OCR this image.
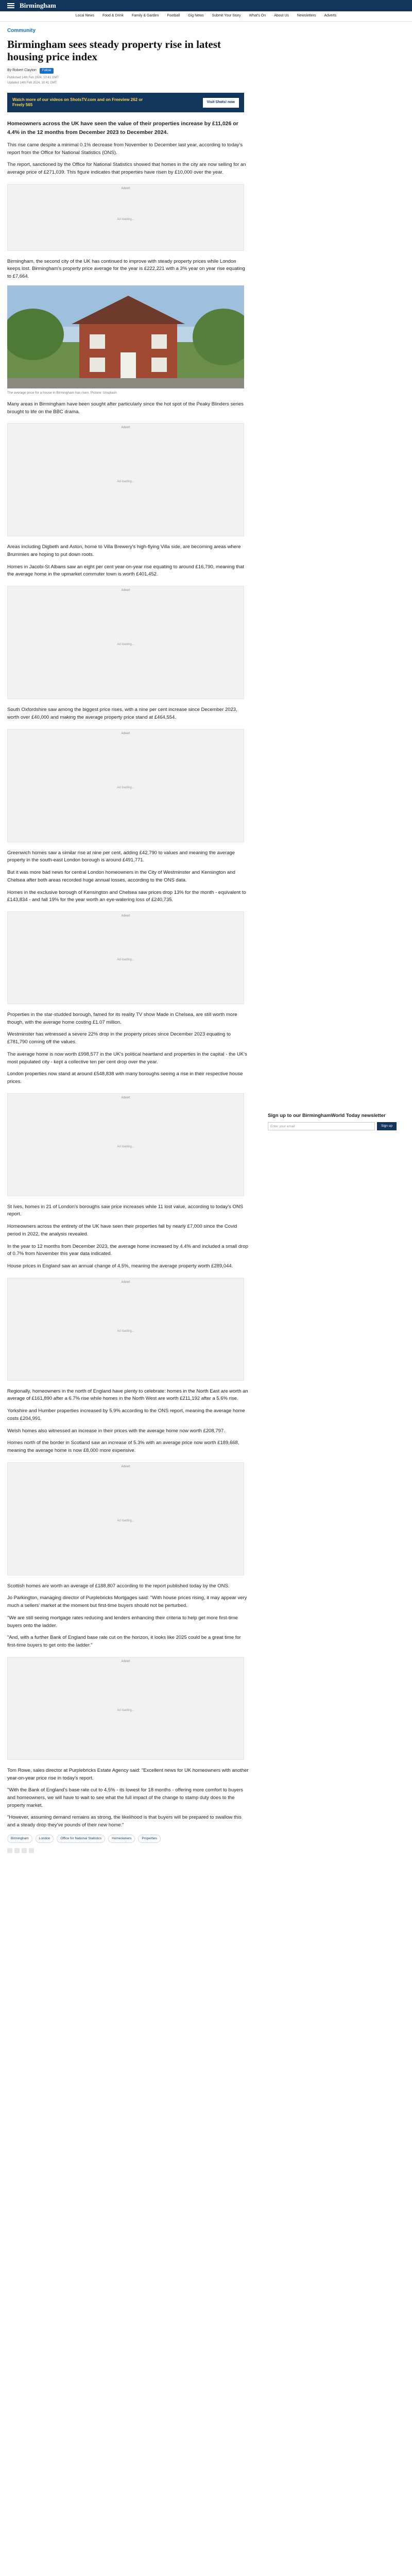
Birmingham
Local News Food & Drink Family & Garden Football Gig News Submit Your Story What's On About Us Newsletters Adverts
Community
Birmingham sees steady property rise in latest housing price index
By Robert Clayton	Follow
Published 14th Feb 2024, 10:41 GMT
Updated 14th Feb 2024, 10:41 GMT
Watch more of our videos on ShotsTV.com and on Freeview 262 or Freely 565
Visit Shots! now
Homeowners across the UK have seen the value of their properties increase by £11,026 or 4.4% in the 12 months from December 2023 to December 2024.

This rise came despite a minimal 0.1% decrease from November to December last year, according to today's report from the Office for National Statistics (ONS).

The report, sanctioned by the Office for National Statistics showed that homes in the city are now selling for an average price of £271,039. This figure indicates that properties have risen by £10,000 over the year.

Advert
Ad loading...

Birmingham, the second city of the UK has continued to improve with steady property prices while London keeps lost. Birmingham's property price average for the year is £222,221 with a 3% year on year rise equating to £7,664.

The average price for a house in Birmingham has risen. Picture: Unsplash

Many areas in Birmingham have been sought after particularly since the hot spot of the Peaky Blinders series brought to life on the BBC drama.

Advert
Ad loading...

Areas including Digbeth and Aston, home to Villa Brewery's high-flying Villa side, are becoming areas where Brummies are hoping to put down roots.

Homes in Jacobi-St Albans saw an eight per cent year-on-year rise equating to around £16,790, meaning that the average home in the upmarket commuter town is worth £401,452.

Advert
Ad loading...

South Oxfordshire saw among the biggest price rises, with a nine per cent increase since December 2023, worth over £40,000 and making the average property price stand at £464,554.

Advert
Ad loading...

Greenwich homes saw a similar rise at nine per cent, adding £42,790 to values and meaning the average property in the south-east London borough is around £491,771.

But it was more bad news for central London homeowners in the City of Westminster and Kensington and Chelsea after both areas recorded huge annual losses, according to the ONS data.

Homes in the exclusive borough of Kensington and Chelsea saw prices drop 13% for the month - equivalent to £143,834 - and fall 19% for the year worth an eye-watering loss of £240,735.

Advert
Ad loading...

Properties in the star-studded borough, famed for its reality TV show Made in Chelsea, are still worth more though, with the average home costing £1.07 million.

Westminster has witnessed a severe 22% drop in the property prices since December 2023 equating to £781,790 coming off the values.

The average home is now worth £998,577 in the UK's political heartland and properties in the capital - the UK's most populated city - kept a collective ten per cent drop over the year.

London properties now stand at around £548,838 with many boroughs seeing a rise in their respective house prices.

Advert
Ad loading...

St Ives, homes in 21 of London's boroughs saw price increases while 11 lost value, according to today's ONS report.

Homeowners across the entirety of the UK have seen their properties fall by nearly £7,000 since the Covid period in 2022, the analysis revealed.

In the year to 12 months from December 2023, the average home increased by 4.4% and included a small drop of 0.7% from November this year data indicated.

House prices in England saw an annual change of 4.5%, meaning the average property worth £289,044.

Advert
Ad loading...

Regionally, homeowners in the north of England have plenty to celebrate: homes in the North East are worth an average of £161,890 after a 6.7% rise while homes in the North West are worth £211,192 after a 5.6% rise.

Yorkshire and Humber properties increased by 5.9% according to the ONS report, meaning the average home costs £204,991.

Welsh homes also witnessed an increase in their prices with the average home now worth £208,797.

Homes north of the border in Scotland saw an increase of 5.3% with an average price now worth £189,668, meaning the average home is now £8,000 more expensive.

Advert
Ad loading...

Scottish homes are worth an average of £188,807 according to the report published today by the ONS.

Jo Parkington, managing director of Purplebricks Mortgages said: "With house prices rising, it may appear very much a sellers' market at the moment but first-time buyers should not be perturbed.

"We are still seeing mortgage rates reducing and lenders enhancing their criteria to help get more first-time buyers onto the ladder.

"And, with a further Bank of England base rate cut on the horizon, it looks like 2025 could be a great time for first-time buyers to get onto the ladder."

Advert
Ad loading...

Tom Rowe, sales director at Purplebricks Estate Agency said: "Excellent news for UK homeowners with another year-on-year price rise in today's report.

"With the Bank of England's base rate cut to 4.5% - its lowest for 18 months - offering more comfort to buyers and homeowners, we will have to wait to see what the full impact of the change to stamp duty does to the property market.

"However, assuming demand remains as strong, the likelihood is that buyers will be prepared to swallow this and a steady drop they've pounds of their new home."

Birmingham	London	Office for National Statistics	Homeowners	Properties
Sign up to our BirminghamWorld Today newsletter
Enter your email	Sign up
